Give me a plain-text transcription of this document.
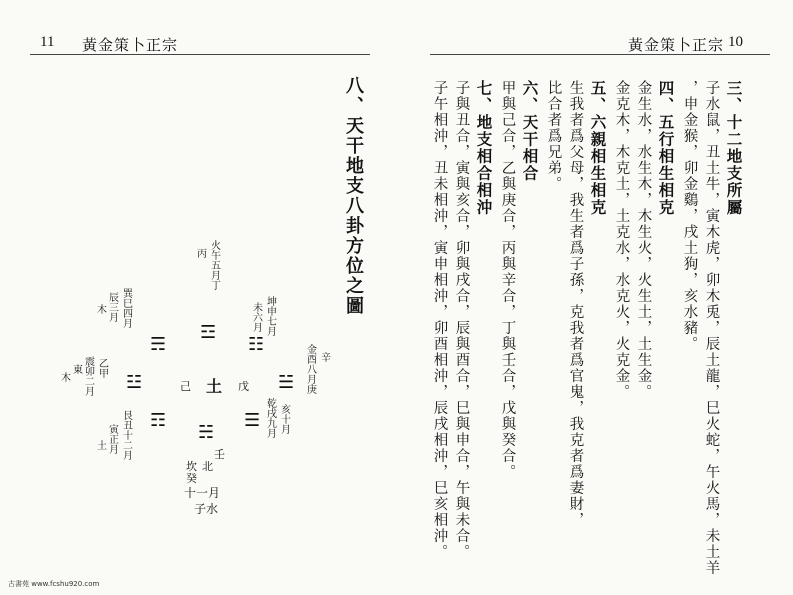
11 黃金策卜正宗	黃金策卜正宗 10
八、天干地支八卦方位之圖	三、十二地支所屬
子水鼠，丑土牛，寅木虎，卯木兎，辰土龍，巳火蛇，午火馬，未土羊
，申金猴，卯金鷄，戌土狗，亥水豬。
四、五行相生相克
金生水，水生木，木生火，火生土，土生金。
金克木，木克土，土克水，水克火，火克金。
五、六親相生相克
生我者爲父母，我生者爲子孫，克我者爲官鬼，我克者爲妻財，
比合者爲兄弟。
六、天干相合
甲與己合，乙與庚合，丙與辛合，丁與壬合，戊與癸合。
七、地支相合相沖
子與丑合，寅與亥合，卯與戌合，辰與酉合，巳與申合，午與未合。
子午相沖，丑未相沖，寅申相沖，卯酉相沖，辰戌相沖，巳亥相沖。
土
己	戊
火午五月丁
丙
☲
巽巳四月
辰三月
木
☴
坤申七月
未六月
☷	金酉八月庚 辛
☱
震卯二月 乙甲
東
木	☳
乾戌九月 亥十月
☰
艮丑十二月
寅正月
土
☶
☵
壬
坎 北
癸
十一月
子水
古書苑 www.fcshu920.com
